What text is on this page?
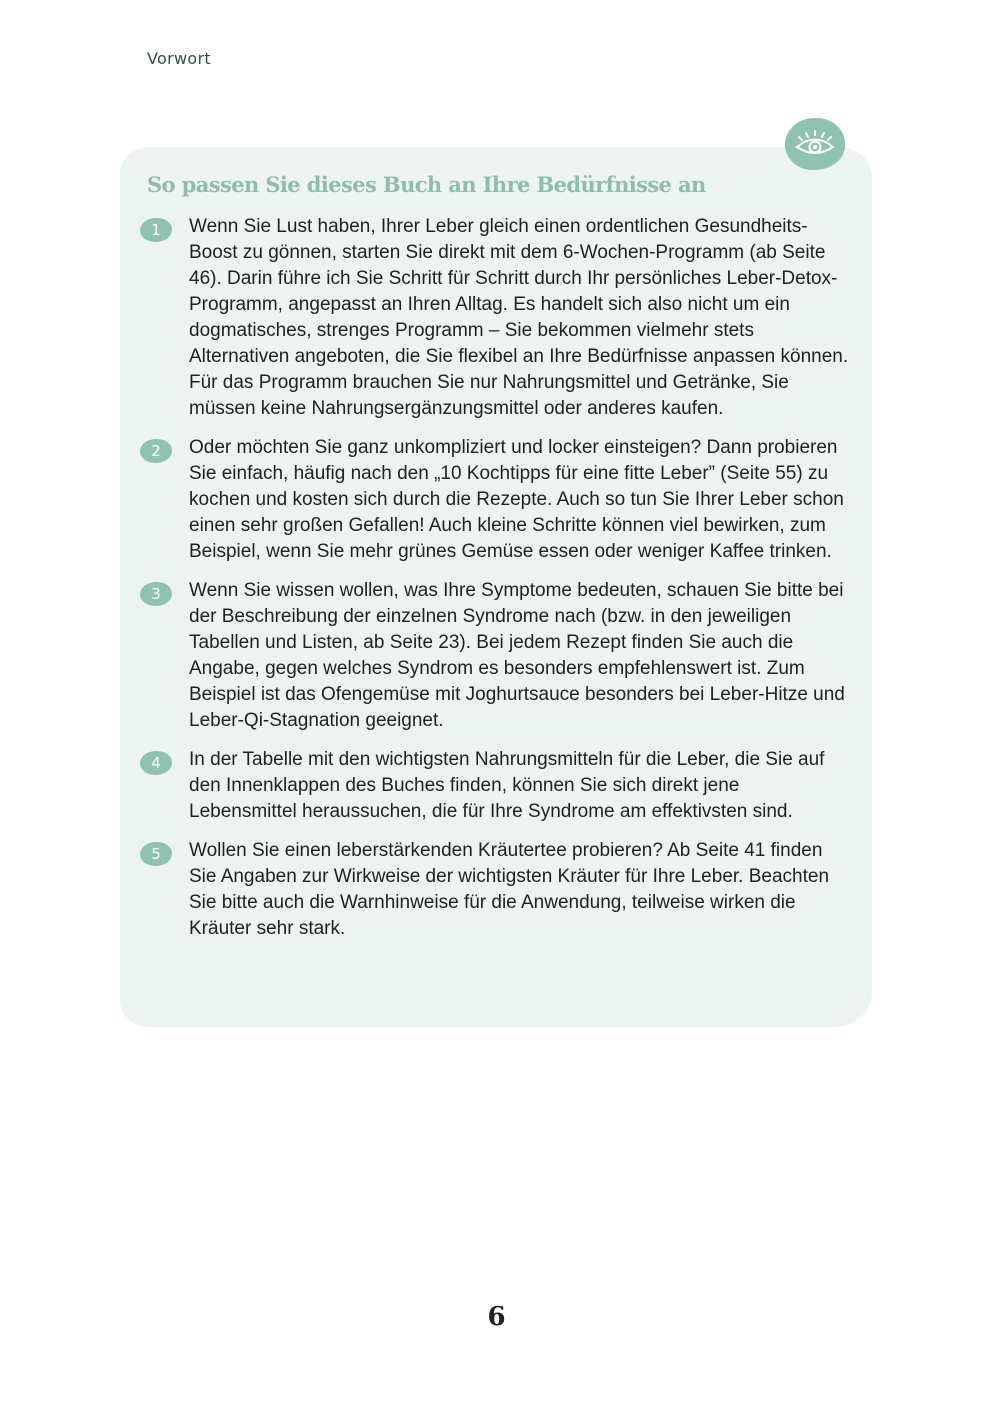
Vorwort
So passen Sie dieses Buch an Ihre Bedürfnisse an
1	Wenn Sie Lust haben, Ihrer Leber gleich einen ordentlichen Gesundheits-Boost zu gönnen, starten Sie direkt mit dem 6-Wochen-Programm (ab Seite 46). Darin führe ich Sie Schritt für Schritt durch Ihr persönliches Leber-Detox-Programm, angepasst an Ihren Alltag. Es handelt sich also nicht um ein dogmatisches, strenges Programm – Sie bekommen vielmehr stets Alternativen angeboten, die Sie flexibel an Ihre Bedürfnisse anpassen können. Für das Programm brauchen Sie nur Nahrungsmittel und Getränke, Sie müssen keine Nahrungsergänzungsmittel oder anderes kaufen.

2	Oder möchten Sie ganz unkompliziert und locker einsteigen? Dann probieren Sie einfach, häufig nach den „10 Kochtipps für eine fitte Leber” (Seite 55) zu kochen und kosten sich durch die Rezepte. Auch so tun Sie Ihrer Leber schon einen sehr großen Gefallen! Auch kleine Schritte können viel bewirken, zum Beispiel, wenn Sie mehr grünes Gemüse essen oder weniger Kaffee trinken.

3	Wenn Sie wissen wollen, was Ihre Symptome bedeuten, schauen Sie bitte bei der Beschreibung der einzelnen Syndrome nach (bzw. in den jeweiligen Tabellen und Listen, ab Seite 23). Bei jedem Rezept finden Sie auch die Angabe, gegen welches Syndrom es besonders empfehlenswert ist. Zum Beispiel ist das Ofengemüse mit Joghurtsauce besonders bei Leber-Hitze und Leber-Qi-Stagnation geeignet.

4	In der Tabelle mit den wichtigsten Nahrungsmitteln für die Leber, die Sie auf den Innenklappen des Buches finden, können Sie sich direkt jene Lebensmittel heraussuchen, die für Ihre Syndrome am effektivsten sind.

5	Wollen Sie einen leberstärkenden Kräutertee probieren? Ab Seite 41 finden Sie Angaben zur Wirkweise der wichtigsten Kräuter für Ihre Leber. Beachten Sie bitte auch die Warnhinweise für die Anwendung, teilweise wirken die Kräuter sehr stark.

6
